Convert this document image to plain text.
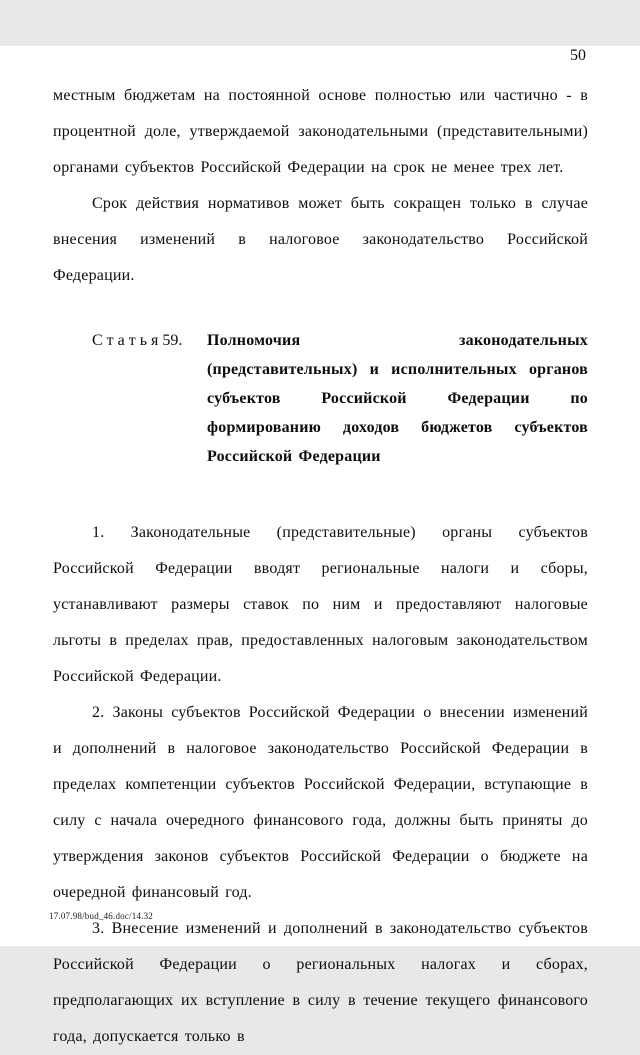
50

местным бюджетам на постоянной основе полностью или частично - в процентной доле, утверждаемой законодательными (представительными) органами субъектов Российской Федерации на срок не менее трех лет.

Срок действия нормативов может быть сокращен только в случае внесения изменений в налоговое законодательство Российской Федерации.

С т а т ь я 59.	Полномочия законодательных (представительных) и исполнительных органов субъектов Российской Федерации по формированию доходов бюджетов субъектов Российской Федерации

1. Законодательные (представительные) органы субъектов Российской Федерации вводят региональные налоги и сборы, устанавливают размеры ставок по ним и предоставляют налоговые льготы в пределах прав, предоставленных налоговым законодательством Российской Федерации.

2. Законы субъектов Российской Федерации о внесении изменений и дополнений в налоговое законодательство Российской Федерации в пределах компетенции субъектов Российской Федерации, вступающие в силу с начала очередного финансового года, должны быть приняты до утверждения законов субъектов Российской Федерации о бюджете на очередной финансовый год.

3. Внесение изменений и дополнений в законодательство субъектов Российской Федерации о региональных налогах и сборах, предполагающих их вступление в силу в течение текущего финансового года, допускается только в

17.07.98/bud_46.doc/14.32
